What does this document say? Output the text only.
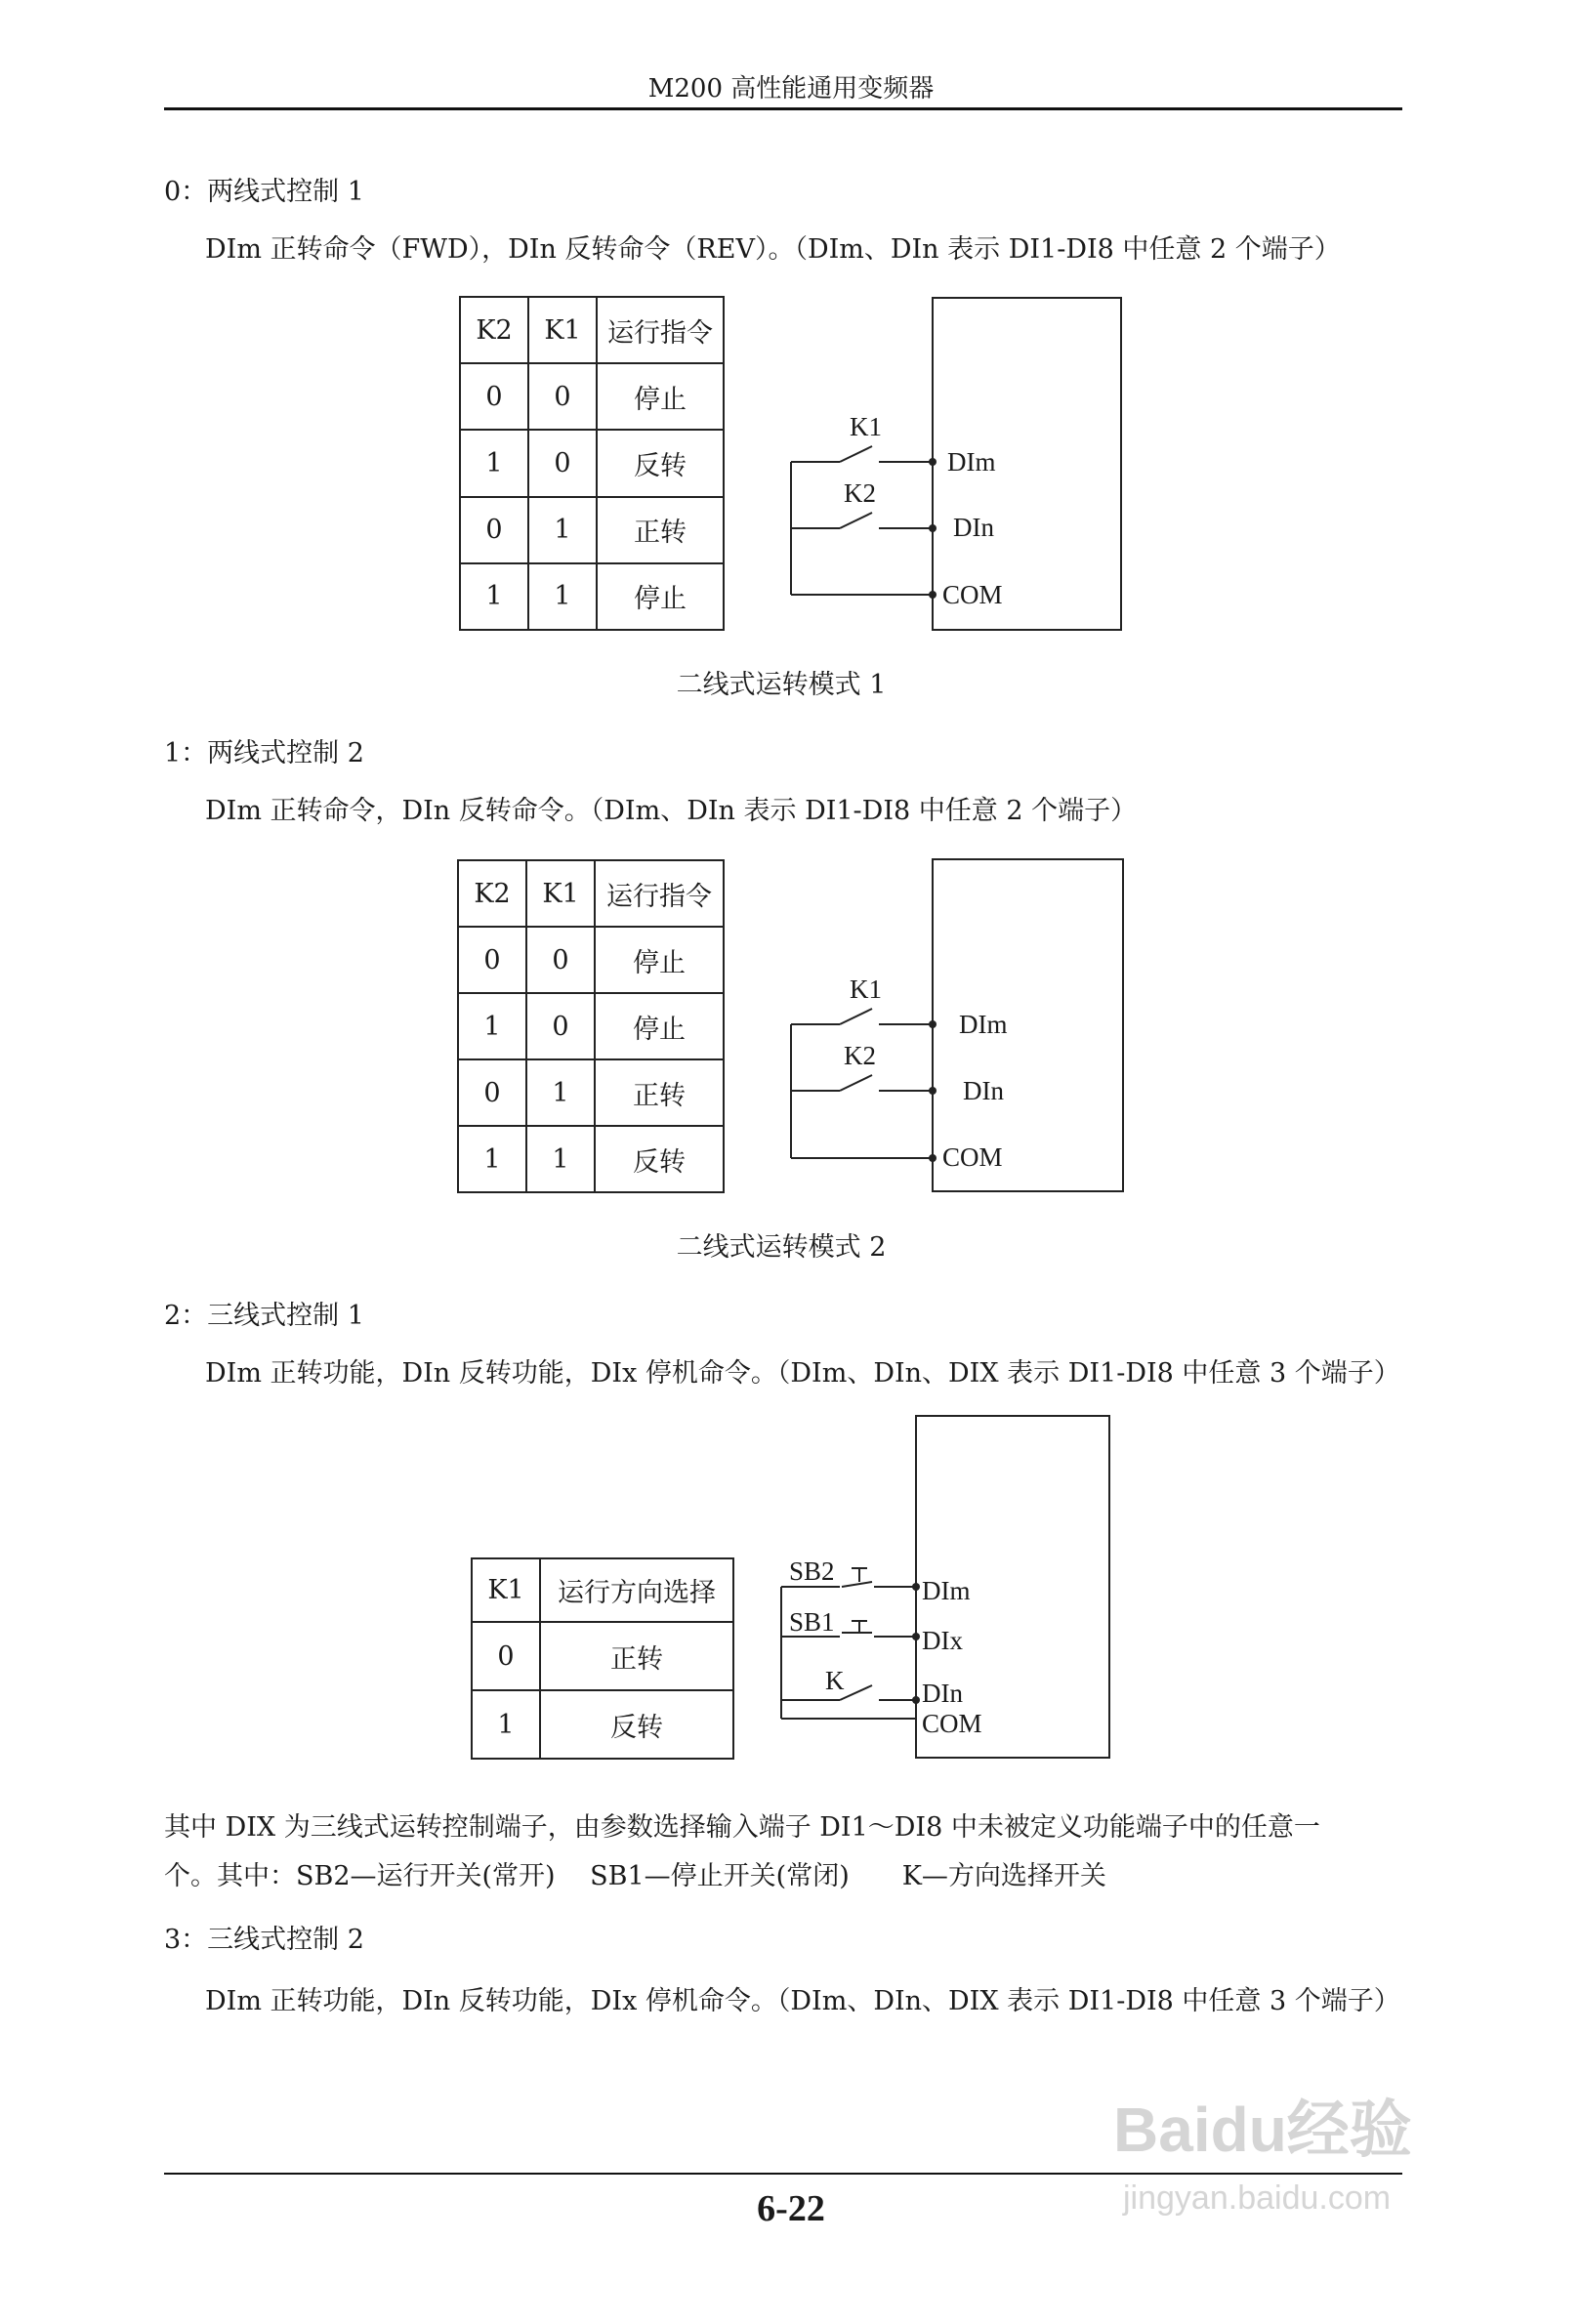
M200 高性能通用变频器
0：两线式控制 1
DIm 正转命令（FWD），DIn 反转命令（REV）。（DIm、DIn 表示 DI1-DI8 中任意 2 个端子）
K2	K1	运行指令
0	0	停止
1	0	反转
0	1	正转
1	1	停止
K1
K2
DIm
DIn
COM
二线式运转模式 1
1：两线式控制 2
DIm 正转命令，DIn 反转命令。（DIm、DIn 表示 DI1-DI8 中任意 2 个端子）
K2	K1	运行指令
0	0	停止
1	0	停止
0	1	正转
1	1	反转
K1
K2
DIm
DIn
COM
二线式运转模式 2
2：三线式控制 1
DIm 正转功能，DIn 反转功能，DIx 停机命令。（DIm、DIn、DIX 表示 DI1-DI8 中任意 3 个端子）
K1	运行方向选择
0	正转
1	反转
SB2
SB1
K
DIm
DIx
DIn
COM
其中 DIX 为三线式运转控制端子，由参数选择输入端子 DI1～DI8 中未被定义功能端子中的任意一
个。其中：SB2—运行开关(常开)　 SB1—停止开关(常闭)　　K—方向选择开关
3：三线式控制 2
DIm 正转功能，DIn 反转功能，DIx 停机命令。（DIm、DIn、DIX 表示 DI1-DI8 中任意 3 个端子）
6-22
Baidu经验
jingyan.baidu.com
